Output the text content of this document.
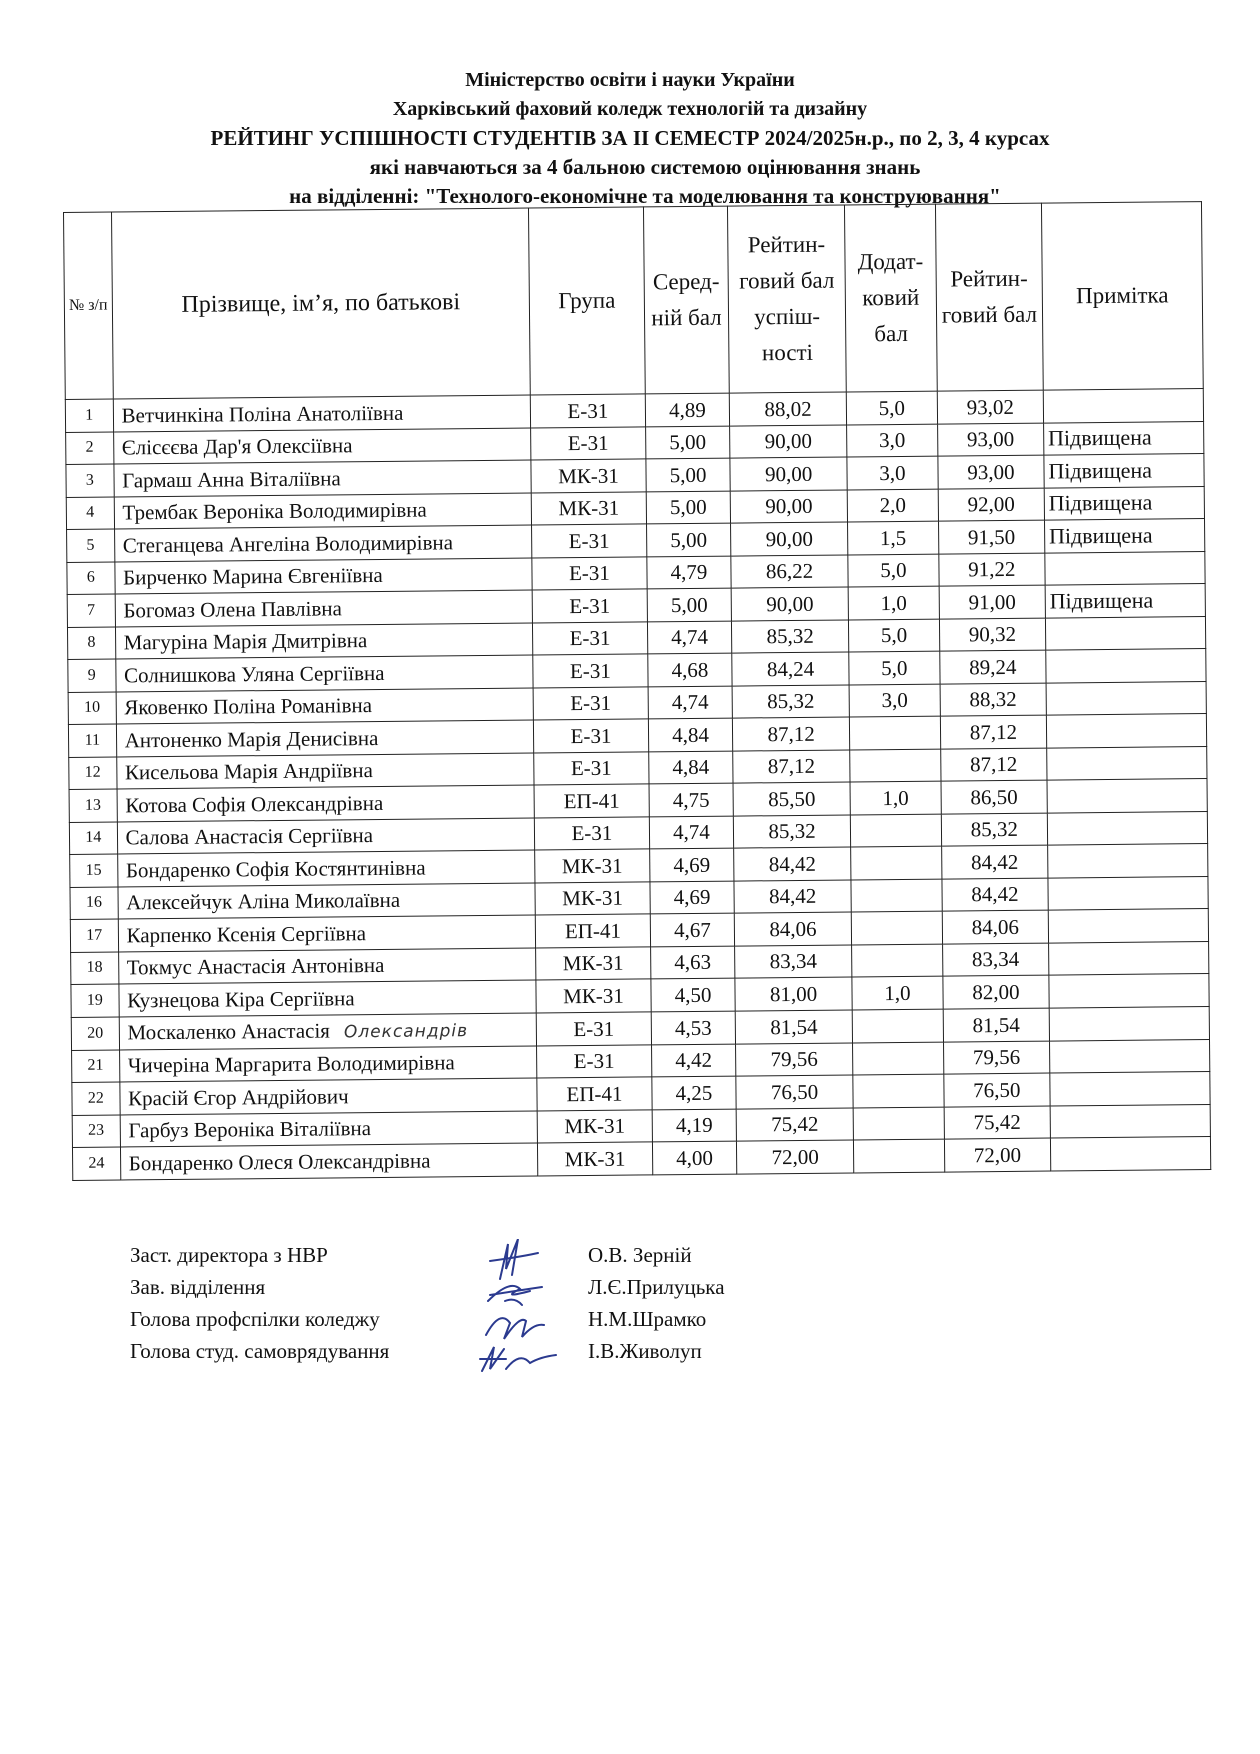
Міністерство освіти і науки України
Харківський фаховий коледж технологій та дизайну
РЕЙТИНГ УСПІШНОСТІ СТУДЕНТІВ ЗА II СЕМЕСТР 2024/2025н.р., по 2, 3, 4 курсах
які навчаються за 4 бальною системою оцінювання знань
на відділенні: "Технолого-економічне та моделювання та конструювання"
№ з/п	Прізвище, ім’я, по батькові	Група	Серед-ній бал	Рейтин-говий бал успіш-ності	Додат-ковий бал	Рейтин-говий бал	Примітка
1	Ветчинкіна Поліна Анатоліївна	Е-31	4,89	88,02	5,0	93,02	
2	Єлісєєва Дар'я Олексіївна	Е-31	5,00	90,00	3,0	93,00	Підвищена
3	Гармаш Анна Віталіївна	МК-31	5,00	90,00	3,0	93,00	Підвищена
4	Трембак Вероніка Володимирівна	МК-31	5,00	90,00	2,0	92,00	Підвищена
5	Стеганцева Ангеліна Володимирівна	Е-31	5,00	90,00	1,5	91,50	Підвищена
6	Бирченко Марина Євгеніївна	Е-31	4,79	86,22	5,0	91,22	
7	Богомаз Олена Павлівна	Е-31	5,00	90,00	1,0	91,00	Підвищена
8	Магуріна Марія Дмитрівна	Е-31	4,74	85,32	5,0	90,32	
9	Солнишкова Уляна Сергіївна	Е-31	4,68	84,24	5,0	89,24	
10	Яковенко Поліна Романівна	Е-31	4,74	85,32	3,0	88,32	
11	Антоненко Марія Денисівна	Е-31	4,84	87,12		87,12	
12	Кисельова Марія Андріївна	Е-31	4,84	87,12		87,12	
13	Котова Софія Олександрівна	ЕП-41	4,75	85,50	1,0	86,50	
14	Салова Анастасія Сергіївна	Е-31	4,74	85,32		85,32	
15	Бондаренко Софія Костянтинівна	МК-31	4,69	84,42		84,42	
16	Алексейчук Аліна Миколаївна	МК-31	4,69	84,42		84,42	
17	Карпенко Ксенія Сергіївна	ЕП-41	4,67	84,06		84,06	
18	Токмус Анастасія Антонівна	МК-31	4,63	83,34		83,34	
19	Кузнецова Кіра Сергіївна	МК-31	4,50	81,00	1,0	82,00	
20	Москаленко Анастасія Олександрів	Е-31	4,53	81,54		81,54	
21	Чичеріна Маргарита Володимирівна	Е-31	4,42	79,56		79,56	
22	Красій Єгор Андрійович	ЕП-41	4,25	76,50		76,50	
23	Гарбуз Вероніка Віталіївна	МК-31	4,19	75,42		75,42	
24	Бондаренко Олеся Олександрівна	МК-31	4,00	72,00		72,00	
Заст. директора з НВР	О.В. Зерній
Зав. відділення	Л.Є.Прилуцька
Голова профспілки коледжу	Н.М.Шрамко
Голова студ. самоврядування	І.В.Живолуп
